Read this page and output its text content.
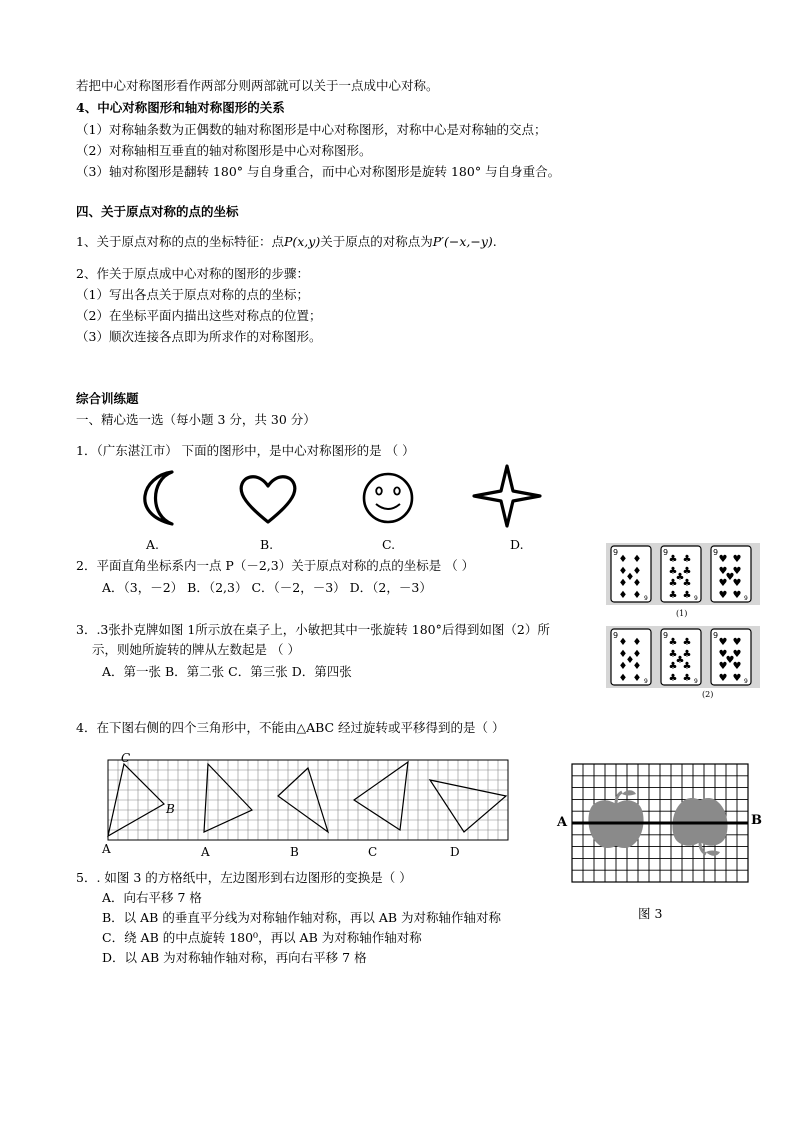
若把中心对称图形看作两部分则两部就可以关于一点成中心对称。
4、中心对称图形和轴对称图形的关系
（1）对称轴条数为正偶数的轴对称图形是中心对称图形，对称中心是对称轴的交点；
（2）对称轴相互垂直的轴对称图形是中心对称图形。
（3）轴对称图形是翻转 180° 与自身重合，而中心对称图形是旋转 180° 与自身重合。
四、关于原点对称的点的坐标
1、关于原点对称的点的坐标特征：点P(x,y)关于原点的对称点为P′(−x,−y).
2、作关于原点成中心对称的图形的步骤：
（1）写出各点关于原点对称的点的坐标；
（2）在坐标平面内描出这些对称点的位置；
（3）顺次连接各点即为所求作的对称图形。
综合训练题
一、精心选一选（每小题 3 分，共 30 分）
1．（广东湛江市） 下面的图形中，是中心对称图形的是 （ ）
A.	B.	C.	D.
2．平面直角坐标系内一点 P（－2,3）关于原点对称的点的坐标是 （ ）
A．（3，－2） B．（2,3） C．（－2，－3） D．（2，－3）
3．.3张扑克牌如图 1所示放在桌子上，小敏把其中一张旋转 180°后得到如图（2）所
示，则她所旋转的牌从左数起是 （ ）
A．第一张 B．第二张 C．第三张 D．第四张
9
9
♦ ♦
♦ ♦
♦
♦ ♦
♦ ♦
9
9
♣ ♣
♣ ♣
♣
♣ ♣
♣ ♣
9
9
♥ ♥
♥ ♥
♥
♥ ♥
♥ ♥
(1)
9
9
♦ ♦
♦ ♦
♦
♦ ♦
♦ ♦
9
9
♣ ♣
♣ ♣
♣
♣ ♣
♣ ♣
9
9
♥ ♥
♥ ♥
♥
♥ ♥
♥ ♥
(2)
4．在下图右侧的四个三角形中，不能由△ABC 经过旋转或平移得到的是（ ）
C
B
A	A	B	C	D
A	B
图 3
5．. 如图 3 的方格纸中，左边图形到右边图形的变换是（ ）
A．向右平移 7 格
B．以 AB 的垂直平分线为对称轴作轴对称，再以 AB 为对称轴作轴对称
C．绕 AB 的中点旋转 180⁰，再以 AB 为对称轴作轴对称
D．以 AB 为对称轴作轴对称，再向右平移 7 格
